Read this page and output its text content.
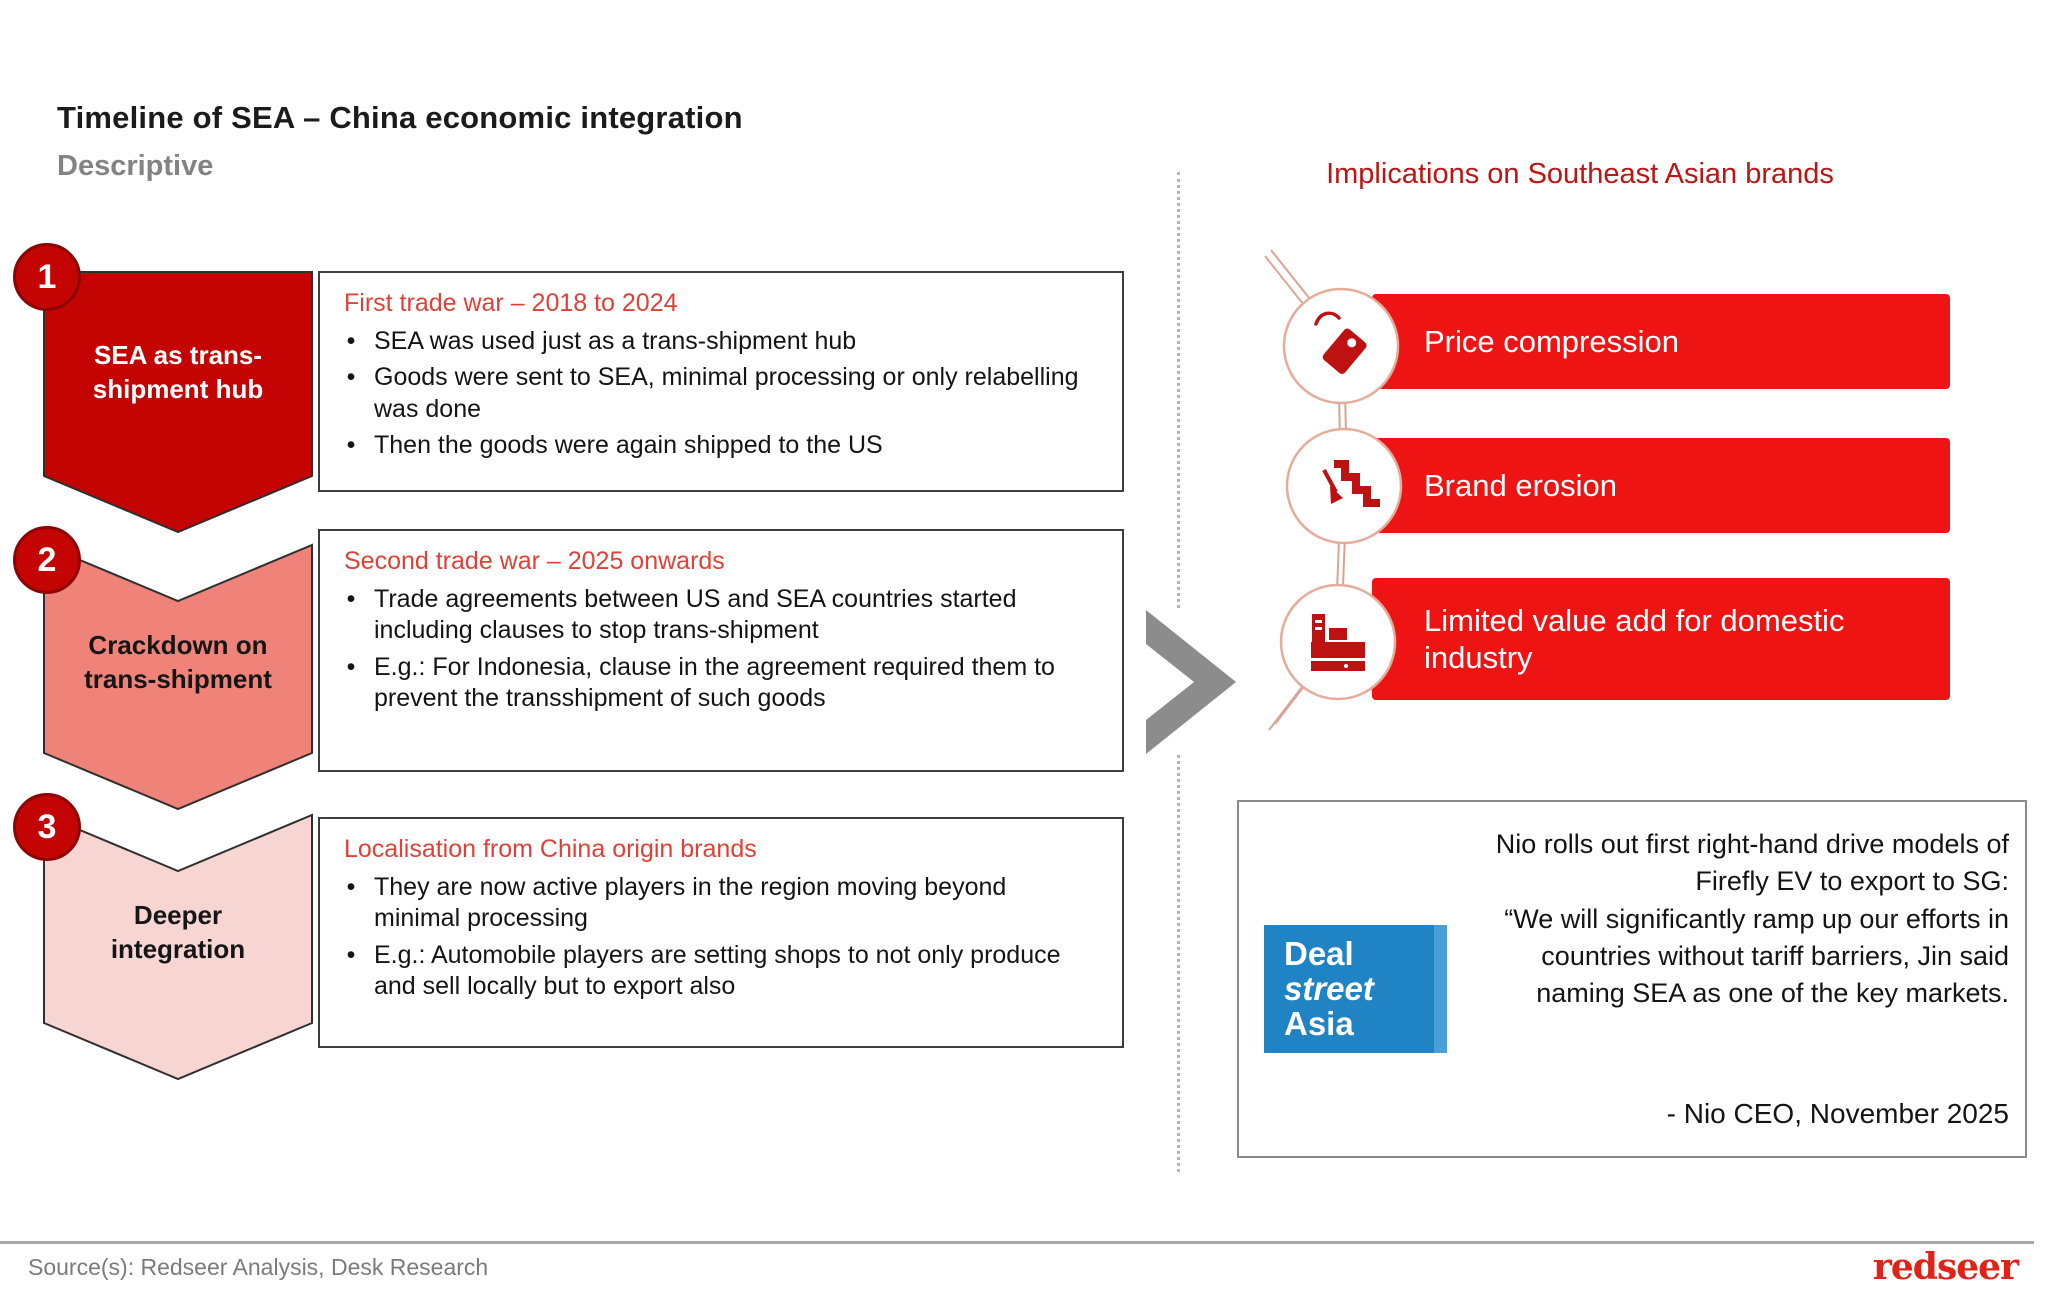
Timeline of SEA – China economic integration
Descriptive
1
SEA as trans-
shipment hub
First trade war – 2018 to 2024
• SEA was used just as a trans-shipment hub
• Goods were sent to SEA, minimal processing or only relabelling was done
• Then the goods were again shipped to the US
2
Crackdown on
trans-shipment
Second trade war – 2025 onwards
• Trade agreements between US and SEA countries started including clauses to stop trans-shipment
• E.g.: For Indonesia, clause in the agreement required them to prevent the transshipment of such goods
3
Deeper
integration
Localisation from China origin brands
• They are now active players in the region moving beyond minimal processing
• E.g.: Automobile players are setting shops to not only produce and sell locally but to export also
Implications on Southeast Asian brands
Price compression
Brand erosion
Limited value add for domestic industry
Deal
street
Asia
Nio rolls out first right-hand drive models of Firefly EV to export to SG:
“We will significantly ramp up our efforts in countries without tariff barriers, Jin said naming SEA as one of the key markets.
- Nio CEO, November 2025
Source(s): Redseer Analysis, Desk Research	redseer
